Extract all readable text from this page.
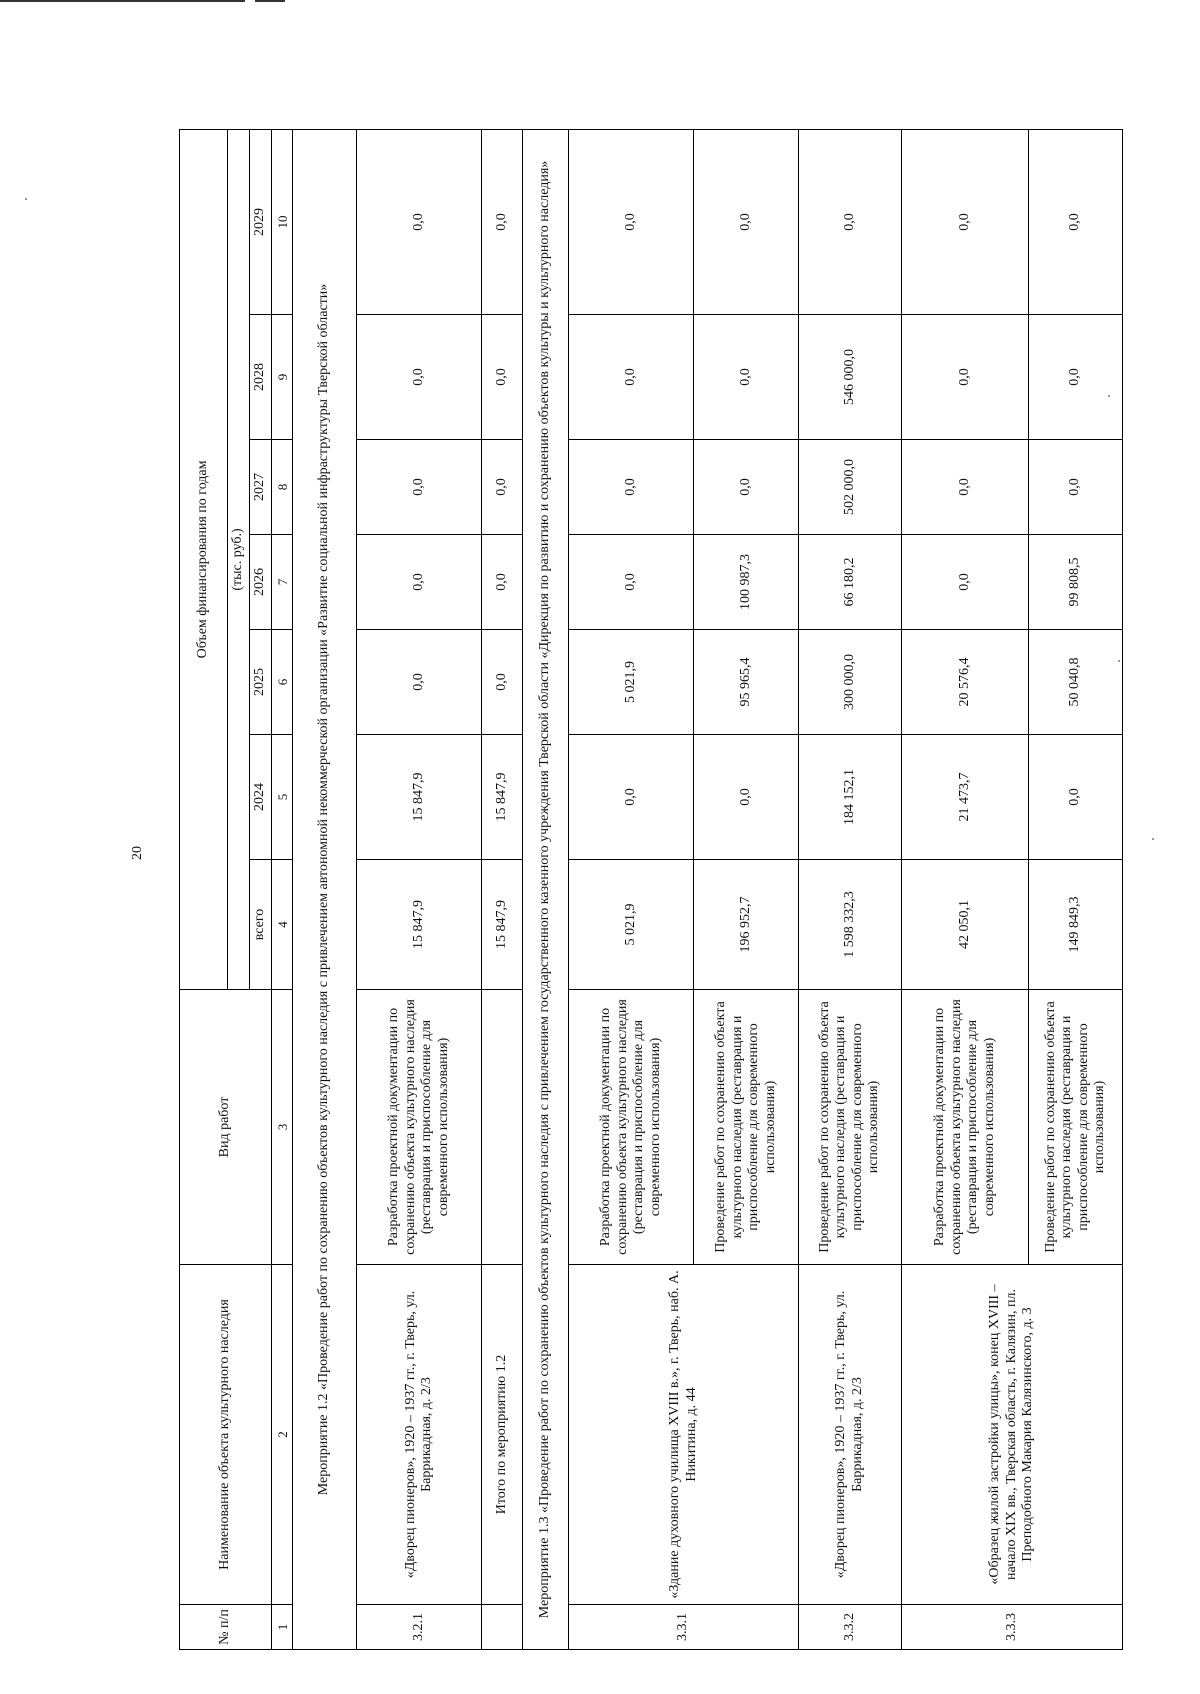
20
№ п/п	Наименование объекта культурного наследия	Вид работ	Объем финансирования по годам						
			(тыс. руб.)						
			всего	2024	2025	2026	2027	2028	2029
1	2	3	4	5	6	7	8	9	10
Мероприятие 1.2 «Проведение работ по сохранению объектов культурного наследия с привлечением автономной некоммерческой организации «Развитие социальной инфраструктуры Тверской области»									
3.2.1	«Дворец пионеров», 1920 – 1937 гг., г. Тверь, ул. Баррикадная, д. 2/3	Разработка проектной документации по сохранению объекта культурного наследия (реставрация и приспособление для современного использования)	15 847,9	15 847,9	0,0	0,0	0,0	0,0	0,0
	Итого по мероприятию 1.2		15 847,9	15 847,9	0,0	0,0	0,0	0,0	0,0
Мероприятие 1.3 «Проведение работ по сохранению объектов культурного наследия с привлечением государственного казенного учреждения Тверской области «Дирекция по развитию и сохранению объектов культуры и культурного наследия»									
3.3.1	«Здание духовного училища XVIII в.», г. Тверь, наб. А. Никитина, д. 44	Разработка проектной документации по сохранению объекта культурного наследия (реставрация и приспособление для современного использования)	5 021,9	0,0	5 021,9	0,0	0,0	0,0	0,0
		Проведение работ по сохранению объекта культурного наследия (реставрация и приспособление для современного использования)	196 952,7	0,0	95 965,4	100 987,3	0,0	0,0	0,0
3.3.2	«Дворец пионеров», 1920 – 1937 гг., г. Тверь, ул. Баррикадная, д. 2/3	Проведение работ по сохранению объекта культурного наследия (реставрация и приспособление для современного использования)	1 598 332,3	184 152,1	300 000,0	66 180,2	502 000,0	546 000,0	0,0
3.3.3	«Образец жилой застройки улицы», конец XVIII – начало XIX вв., Тверская область, г. Калязин, пл. Преподобного Макария Калязинского, д. 3	Разработка проектной документации по сохранению объекта культурного наследия (реставрация и приспособление для современного использования)	42 050,1	21 473,7	20 576,4	0,0	0,0	0,0	0,0
		Проведение работ по сохранению объекта культурного наследия (реставрация и приспособление для современного использования)	149 849,3	0,0	50 040,8	99 808,5	0,0	0,0	0,0
